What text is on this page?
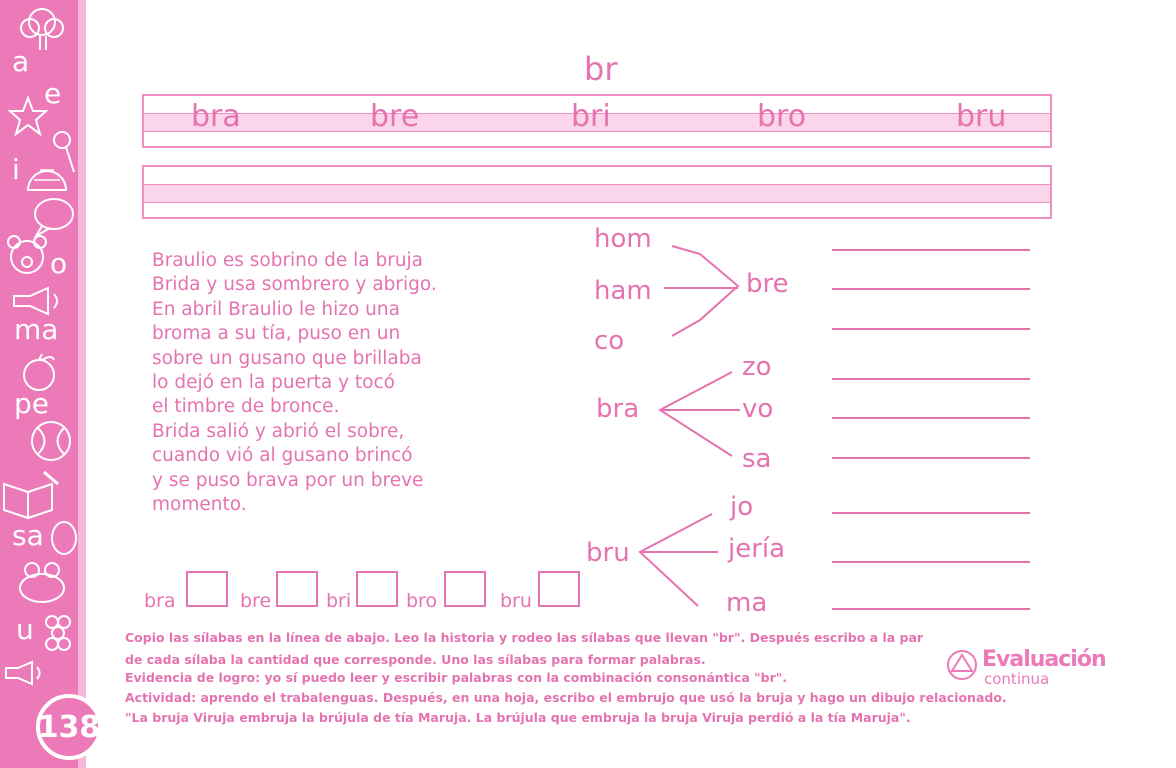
a
e
i
o
ma
pe
sa
u
138
br
bra	bre	bri	bro	bru
Braulio es sobrino de la bruja
Brida y usa sombrero y abrigo.
En abril Braulio le hizo una
broma a su tía, puso en un
sobre un gusano que brillaba
lo dejó en la puerta y tocó
el timbre de bronce.
Brida salió y abrió el sobre,
cuando vió al gusano brincó
y se puso brava por un breve
momento.
hom
ham
co
bre
bra
zo
vo
sa
bru
jo
jería
ma
bra	bre	bri	bro	bru
Copio las sílabas en la línea de abajo. Leo la historia y rodeo las sílabas que llevan "br". Después escribo a la par
de cada sílaba la cantidad que corresponde. Uno las sílabas para formar palabras.
Evidencia de logro: yo sí puedo leer y escribir palabras con la combinación consonántica "br".
Actividad: aprendo el trabalenguas. Después, en una hoja, escribo el embrujo que usó la bruja y hago un dibujo relacionado.
"La bruja Viruja embruja la brújula de tía Maruja. La brújula que embruja la bruja Viruja perdió a la tía Maruja".
Evaluación
continua
